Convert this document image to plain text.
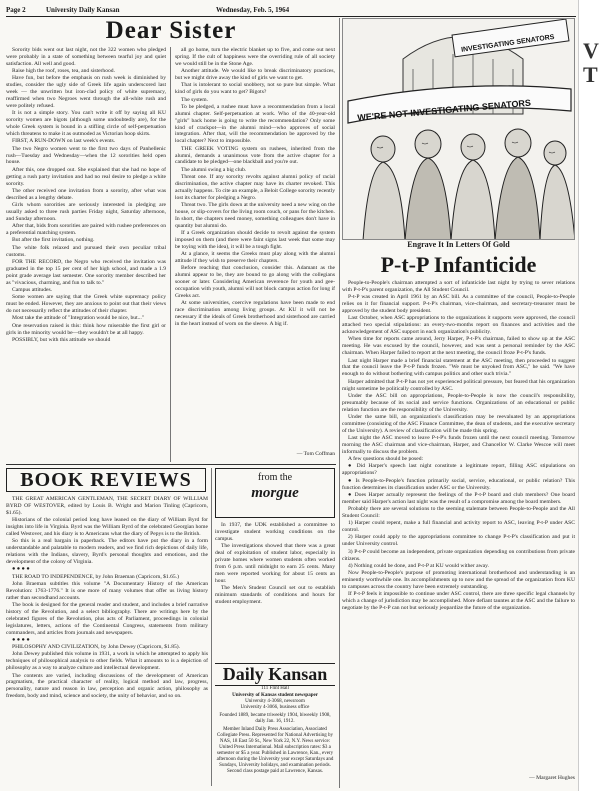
V
T
Page 2	University Daily Kansan	Wednesday, Feb. 5, 1964
Dear Sister

Sorority bids went out last night, not the 322 women who pledged were probably in a state of something between tearful joy and quiet satisfaction. All well and good.

Raise high the roof, roses, tea, and sisterhood.

Have fun, but before the emphasis on rush week is diminished by studies, consider the ugly side of Greek life again underscored last week — the unwritten but iron-clad policy of white supremacy, reaffirmed when two Negroes went through the all-white rush and were politely refused.

It is not a simple story. You can't write it off by saying all KU sorority women are bigots (although some undoubtedly are), for the whole Greek system is bound in a stifling circle of self-perpetuation which threatens to make it as outmoded as Victorian hoop skirts.

FIRST, A RUN-DOWN on last week's events.

The two Negro women went to the first two days of Panhellenic rush—Tuesday and Wednesday—when the 12 sororities held open house.

After this, one dropped out. She explained that she had no hope of getting a rush party invitation and had no real desire to pledge a white sorority.

The other received one invitation from a sorority, after what was described as a lengthy debate.

Girls whom sororities are seriously interested in pledging are usually asked to three rush parties Friday night, Saturday afternoon, and Sunday afternoon.

After that, bids from sororities are paired with rushee preferences on a preferential matching system.

But after the first invitation, nothing.

The white folk relaxed and pursued their own peculiar tribal customs.

FOR THE RECORD, the Negro who received the invitation was graduated in the top 15 per cent of her high school, and made a 1.9 point grade average last semester. One sorority member described her as "vivacious, charming, and fun to talk to."

Campus attitudes.

Some women are saying that the Greek white supremacy policy must be ended. However, they are anxious to point out that their views do not necessarily reflect the attitudes of their chapter.

Most take the attitude of "Integration would be nice, but..."

One reservation raised is this: think how miserable the first girl or girls in the minority would be—they wouldn't be at all happy.

POSSIBLY, but with this attitude we should

all go home, turn the electric blanket up to five, and come out next spring. If the cult of happiness were the overriding rule of all society we would still be in the Stone Age.

Another attitude. We would like to break discriminatory practices, but we might drive away the kind of girls we want to get.

That is intolerant to social snobbery, not so pure but simple. What kind of girls do you want to get? Bigots?

The system.

To be pledged, a rushee must have a recommendation from a local alumni chapter. Self-perpetuation at work. Who of the 40-year-old "girls" back home is going to write the recommendation? Only some kind of crackpot—in the alumni mind—who approves of social integration. After that, will the recommendation be approved by the local chapter? Next to impossible.

THE GREEK VOTING system on rushees, inherited from the alumni, demands a unanimous vote from the active chapter for a candidate to be pledged—one blackball and you're out.

The alumni swing a big club.

Threat one. If any sorority revolts against alumni policy of racial discrimination, the active chapter may have its charter revoked. This actually happens. To cite an example, a Beloit College sorority recently lost its charter for pledging a Negro.

Threat two. The girls down at the university need a new wing on the house, or slip-covers for the living room couch, or pans for the kitchen. In short, the chapters need money, something colleagues don't have in quantity but alumni do.

If a Greek organization should decide to revolt against the system imposed on them (and there were faint signs last week that some may be toying with the idea), it will be a tough fight.

At a glance, it seems the Greeks must play along with the alumni attitude if they wish to preserve their chapters.

Before reaching that conclusion, consider this. Adamant as the alumni appear to be, they are bound to go along with the collegians sooner or later. Considering American reverence for youth and gee-occupation with youth, alumni will not block campus action for long if Greeks act.

At some universities, coercive regulations have been made to end race discrimination among living groups. At KU it will not be necessary if the ideals of Greek brotherhood and sisterhood are carried in the heart instead of worn on the sleeve. A big if.

— Tom Coffman
INVESTIGATING SENATORS
WE'RE NOT INVESTIGATING SENATORS
Engrave It In Letters Of Gold
P-t-P Infanticide

People-to-People's chairman attempted a sort of infanticide last night by trying to sever relations with P-t-P's parent organization, the All Student Council.

P-t-P was created in April 1961 by an ASC bill. As a committee of the council, People-to-People relies on it for financial support. P-t-P's chairman, vice-chairman, and secretary-treasurer must be approved by the student body president.

Last October, when ASC appropriations to the organizations it supports were approved, the council attached two special stipulations: an every-two-months report on finances and activities and the acknowledgement of ASC support in each organization's publicity.

When time for reports came around, Jerry Harper, P-t-P's chairman, failed to show up at the ASC meeting. He was excused by the council, however, and was sent a personal reminder by the ASC chairman. When Harper failed to report at the next meeting, the council froze P-t-P's funds.

Last night Harper made a brief financial statement at the ASC meeting, then proceeded to suggest that the council leave the P-t-P funds frozen. "We must be unyoked from ASC," he said. "We have enough to do without bothering with campus politics and other such trivia."

Harper admitted that P-t-P has not yet experienced political pressure, but feared that his organization might sometime be politically controlled by ASC.

Under the ASC bill on appropriations, People-to-People is now the council's responsibility, presumably because of its social and service functions. Organizations of an educational or public relation function are the responsibility of the University.

Under the same bill, an organization's classification may be reevaluated by an appropriations committee (consisting of the ASC Finance Committee, the dean of students, and the executive secretary of the University). A review of classification will be made this spring.

Last night the ASC moved to leave P-t-P's funds frozen until the next council meeting. Tomorrow morning the ASC chairman and vice-chairman, Harper, and Chancellor W. Clarke Wescoe will meet informally to discuss the problem.

A few questions should be posed:

● Did Harper's speech last night constitute a legitimate report, filling ASC stipulations on appropriations?

● Is People-to-People's function primarily social, service, educational, or public relation? This function determines its classification under ASC or the University.

● Does Harper actually represent the feelings of the P-t-P board and club members? One board member said Harper's action last night was the result of a compromise among the board members.

Probably there are several solutions to the seeming stalemate between People-to-People and the All Student Council:

1) Harper could repent, make a full financial and activity report to ASC, leaving P-t-P under ASC control.

2) Harper could apply to the appropriations committee to change P-t-P's classification and put it under University control.

3) P-t-P could become an independent, private organization depending on contributions from private citizens.

4) Nothing could be done, and P-t-P at KU would wither away.

Now People-to-People's purpose of promoting international brotherhood and understanding is an eminently worthwhile one. Its accomplishments up to now and the spread of the organization from KU to campuses across the country have been extremely outstanding.

If P-t-P feels it impossible to continue under ASC control, there are three specific legal channels by which a change of jurisdiction may be accomplished. More defiant tauntes at the ASC and the failure to negotiate by the P-t-P can not but seriously jeopardize the future of the organization.

— Margaret Hughes
BOOK REVIEWS

THE GREAT AMERICAN GENTLEMAN, THE SECRET DIARY OF WILLIAM BYRD OF WESTOVER, edited by Louis B. Wright and Marion Tinling (Capricorn, $1.65).

Historians of the colonial period long have leaned on the diary of William Byrd for insights into life in Virginia. Byrd was the William Byrd of the celebrated Georgian home called Westover, and his diary is to Americans what the diary of Pepys is to the British.

So this is a real bargain in paperback. The editors have put the diary in a form understandable and palatable to modern readers, and we find rich depictions of daily life, relations with the Indians, slavery, Byrd's personal thoughts and emotions, and the development of the colony of Virginia.

● ● ● ●

THE ROAD TO INDEPENDENCE, by John Braeman (Capricorn, $1.65.)

John Braeman subtitles this volume "A Documentary History of the American Revolution: 1763-1776." It is one more of many volumes that offer us living history rather than secondhand accounts.

The book is designed for the general reader and student, and includes a brief narrative history of the Revolution, and a select bibliography. There are writings here by the celebrated figures of the Revolution, plus acts of Parliament, proceedings in colonial legislatures, letters, actions of the Continental Congress, statements from military commanders, and articles from journals and newspapers.

● ● ● ●

PHILOSOPHY AND CIVILIZATION, by John Dewey (Capricorn, $1.85).

John Dewey published this volume in 1931, a work in which he attempted to apply his techniques of philosophical analysis to other fields. What it amounts to is a depiction of philosophy as a way to analyze culture and intellectual development.

The contents are varied, including discussions of the development of American pragmatism, the practical character of reality, logical method and law, progress, personality, nature and reason in law, perception and organic action, philosophy as freedom, body and mind, science and society, the unity of behavior, and so on.

from the
morgue

In 1937, the UDK established a committee to investigate student working conditions on the campus.

The investigations showed that there was a great deal of exploitation of student labor, especially in private homes where women students often worked from 6 p.m. until midnight to earn 25 cents. Many men were reported working for about 15 cents an hour.

The Men's Student Council set out to establish minimum standards of conditions and hours for student employment.

Daily Kansan
111 Flint Hall
University of Kansas student newspaper
University 4-3068, newsroom
University 4-3066, business office
Founded 1889, became triweekly 1904, biweekly 1908, daily Jan. 16, 1912.
Member Inland Daily Press Association, Associated Collegiate Press. Represented for National Advertising by NAS, 18 East 50 St., New York 22, N.Y. News service: United Press International. Mail subscription rates: $3 a semester or $5 a year. Published in Lawrence, Kan., every afternoon during the University year except Saturdays and Sundays, University holidays, and examination periods. Second class postage paid at Lawrence, Kansas.
